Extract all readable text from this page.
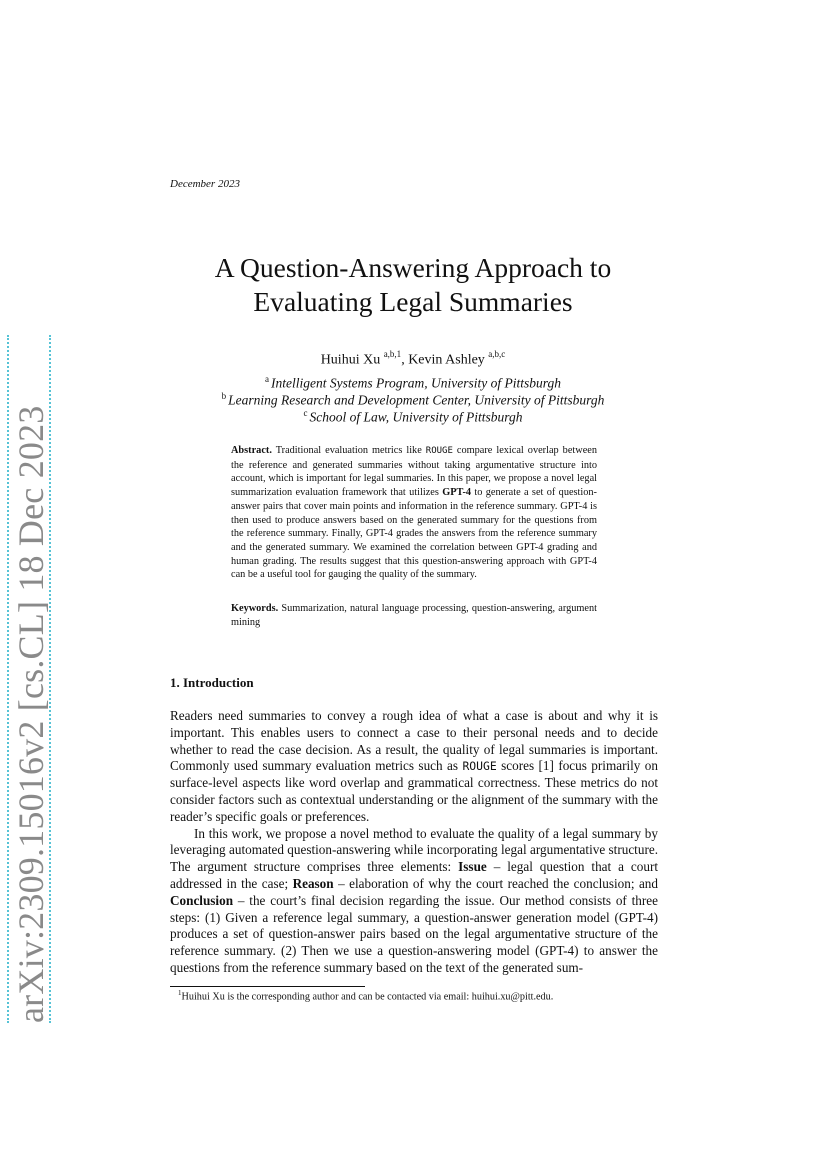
arXiv:2309.15016v2 [cs.CL] 18 Dec 2023
December 2023
A Question-Answering Approach to
Evaluating Legal Summaries
Huihui Xu $^{a,b,1}$, Kevin Ashley $^{a,b,c}$
$^a$ Intelligent Systems Program, University of Pittsburgh
$^b$ Learning Research and Development Center, University of Pittsburgh
$^c$ School of Law, University of Pittsburgh
Abstract. Traditional evaluation metrics like ROUGE compare lexical overlap between the reference and generated summaries without taking argumentative structure into account, which is important for legal summaries. In this paper, we propose a novel legal summarization evaluation framework that utilizes GPT-4 to generate a set of question-answer pairs that cover main points and information in the reference summary. GPT-4 is then used to produce answers based on the generated summary for the questions from the reference summary. Finally, GPT-4 grades the answers from the reference summary and the generated summary. We examined the correlation between GPT-4 grading and human grading. The results suggest that this question-answering approach with GPT-4 can be a useful tool for gauging the quality of the summary.
Keywords. Summarization, natural language processing, question-answering, argument mining
1. Introduction

Readers need summaries to convey a rough idea of what a case is about and why it is important. This enables users to connect a case to their personal needs and to decide whether to read the case decision. As a result, the quality of legal summaries is important. Commonly used summary evaluation metrics such as ROUGE scores [1] focus primarily on surface-level aspects like word overlap and grammatical correctness. These metrics do not consider factors such as contextual understanding or the alignment of the summary with the reader’s specific goals or preferences.

In this work, we propose a novel method to evaluate the quality of a legal summary by leveraging automated question-answering while incorporating legal argumentative structure. The argument structure comprises three elements: Issue – legal question that a court addressed in the case; Reason – elaboration of why the court reached the conclusion; and Conclusion – the court’s final decision regarding the issue. Our method consists of three steps: (1) Given a reference legal summary, a question-answer generation model (GPT-4) produces a set of question-answer pairs based on the legal argumentative structure of the reference summary. (2) Then we use a question-answering model (GPT-4) to answer the questions from the reference summary based on the text of the generated sum-

$^1$Huihui Xu is the corresponding author and can be contacted via email: huihui.xu@pitt.edu.
